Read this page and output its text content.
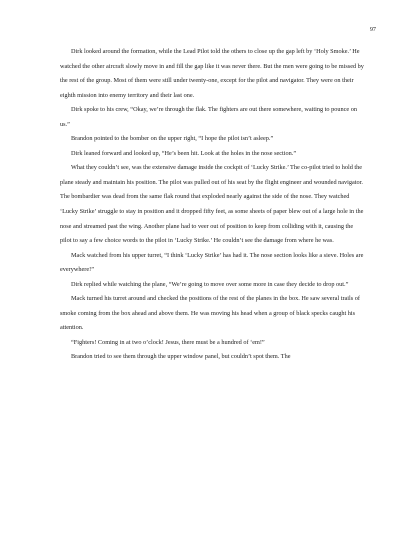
97

Dirk looked around the formation, while the Lead Pilot told the others to close up the gap left by ‘Holy Smoke.’ He watched the other aircraft slowly move in and fill the gap like it was never there. But the men were going to be missed by the rest of the group. Most of them were still under twenty-one, except for the pilot and navigator. They were on their eighth mission into enemy territory and their last one.

Dirk spoke to his crew, “Okay, we’re through the flak. The fighters are out there somewhere, waiting to pounce on us.”

Brandon pointed to the bomber on the upper right, “I hope the pilot isn’t asleep.”

Dirk leaned forward and looked up, “He’s been hit. Look at the holes in the nose section.”

What they couldn’t see, was the extensive damage inside the cockpit of ‘Lucky Strike.’ The co-pilot tried to hold the plane steady and maintain his position. The pilot was pulled out of his seat by the flight engineer and wounded navigator. The bombardier was dead from the same flak round that exploded nearly against the side of the nose. They watched ‘Lucky Strike’ struggle to stay in position and it dropped fifty feet, as some sheets of paper blew out of a large hole in the nose and streamed past the wing. Another plane had to veer out of position to keep from colliding with it, causing the pilot to say a few choice words to the pilot in ‘Lucky Strike.’ He couldn’t see the damage from where he was.

Mack watched from his upper turret, “I think ‘Lucky Strike’ has had it. The nose section looks like a sieve. Holes are everywhere!”

Dirk replied while watching the plane, “We’re going to move over some more in case they decide to drop out.”

Mack turned his turret around and checked the positions of the rest of the planes in the box. He saw several trails of smoke coming from the box ahead and above them. He was moving his head when a group of black specks caught his attention.

“Fighters! Coming in at two o’clock! Jesus, there must be a hundred of ‘em!”

Brandon tried to see them through the upper window panel, but couldn’t spot them. The
